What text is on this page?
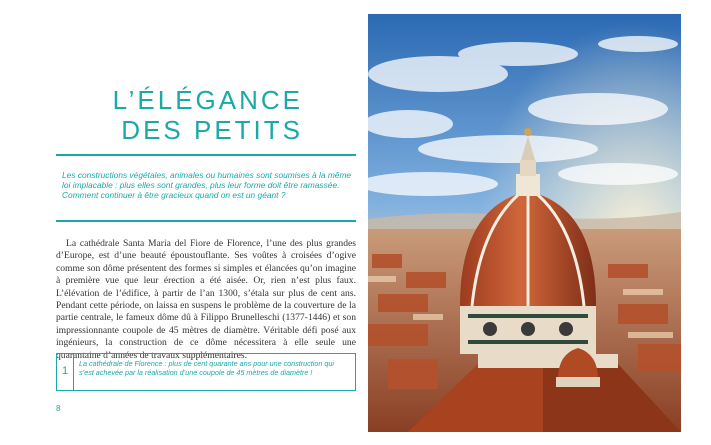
L’ÉLÉGANCE
DES PETITS

Les constructions végétales, animales ou humaines sont soumises à la même loi implacable : plus elles sont grandes, plus leur forme doit être ramassée. Comment continuer à être gracieux quand on est un géant ?

La cathédrale Santa Maria del Fiore de Florence, l’une des plus grandes d’Europe, est d’une beauté époustouflante. Ses voûtes à croisées d’ogive comme son dôme présentent des formes si simples et élancées qu’on imagine à première vue que leur érection a été aisée. Or, rien n’est plus faux. L’élévation de l’édifice, à partir de l’an 1300, s’étala sur plus de cent ans. Pendant cette période, on laissa en suspens le problème de la couverture de la partie centrale, le fameux dôme dû à Filippo Brunelleschi (1377-1446) et son impressionnante coupole de 45 mètres de diamètre. Véritable défi posé aux ingénieurs, la construction de ce dôme nécessitera à elle seule une quarantaine d’années de travaux supplémentaires.

1

La cathédrale de Florence : plus de cent quarante ans pour une construction qui s’est achevée par la réalisation d’une coupole de 45 mètres de diamètre !

8
